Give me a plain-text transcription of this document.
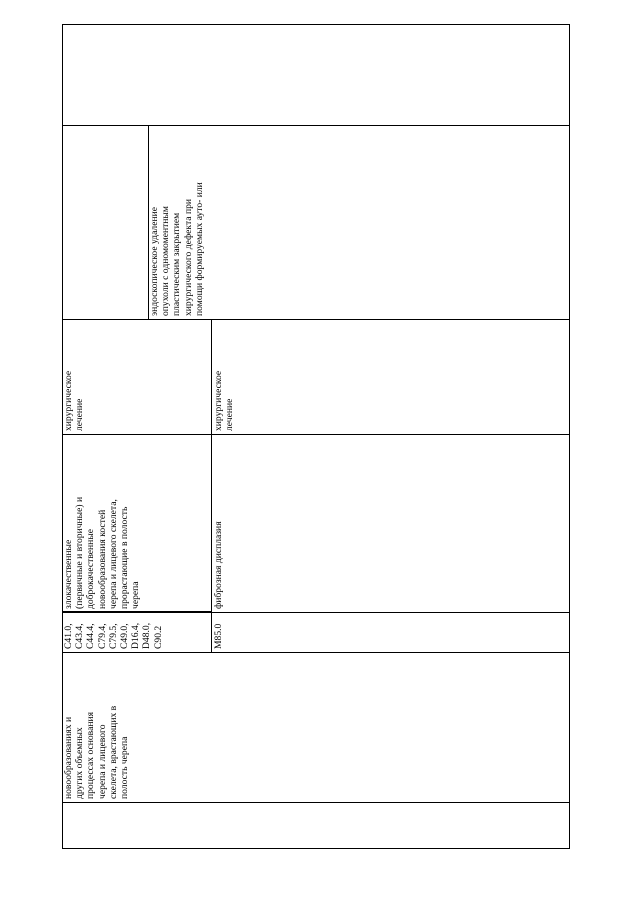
новообразованиях и других объемных процессах основания черепа и лицевого скелета, врастающих в полость черепа
C41.0, C43.4, C44.4, C79.4, C79.5, C49.0, D16.4, D48.0, C90.2	M85.0
злокачественные (первичные и вторичные) и доброкачественные новообразования костей черепа и лицевого скелета, прорастающие в полость черепа	фиброзная дисплазия
хирургическое лечение	хирургическое лечение
эндоскопическое удаление опухоли с одномоментным пластическим закрытием хирургического дефекта при помощи формируемых ауто- или
